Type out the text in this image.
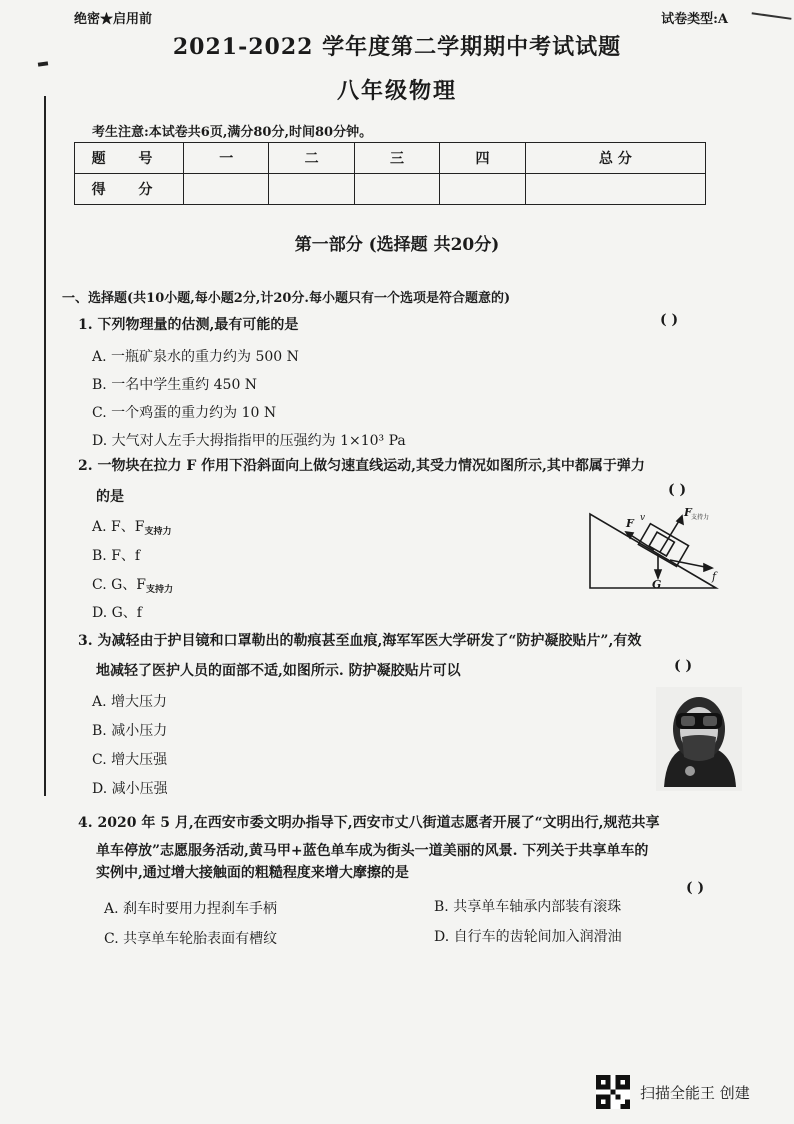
绝密★启用前	试卷类型:A
2021-2022 学年度第二学期期中考试试题
八年级物理
考生注意:本试卷共6页,满分80分,时间80分钟。
题 号	一	二	三	四	总 分
得 分					
第一部分 (选择题 共20分)
一、选择题(共10小题,每小题2分,计20分.每小题只有一个选项是符合题意的)
1. 下列物理量的估测,最有可能的是	( )
A. 一瓶矿泉水的重力约为 500 N
B. 一名中学生重约 450 N
C. 一个鸡蛋的重力约为 10 N
D. 大气对人左手大拇指指甲的压强约为 1×10³ Pa
2. 一物块在拉力 F 作用下沿斜面向上做匀速直线运动,其受力情况如图所示,其中都属于弹力
的是	( )
A. F、$F_{支持力}$
B. F、f
C. G、$F_{支持力}$
D. G、f
F v	F 支持力
G
f
3. 为减轻由于护目镜和口罩勒出的勒痕甚至血痕,海军军医大学研发了“防护凝胶贴片”,有效
地减轻了医护人员的面部不适,如图所示. 防护凝胶贴片可以	( )
A. 增大压力
B. 减小压力
C. 增大压强
D. 减小压强
4. 2020 年 5 月,在西安市委文明办指导下,西安市丈八街道志愿者开展了“文明出行,规范共享
单车停放”志愿服务活动,黄马甲+蓝色单车成为街头一道美丽的风景. 下列关于共享单车的
实例中,通过增大接触面的粗糙程度来增大摩擦的是
( )
A. 刹车时要用力捏刹车手柄	B. 共享单车轴承内部装有滚珠
C. 共享单车轮胎表面有槽纹	D. 自行车的齿轮间加入润滑油
扫描全能王 创建
